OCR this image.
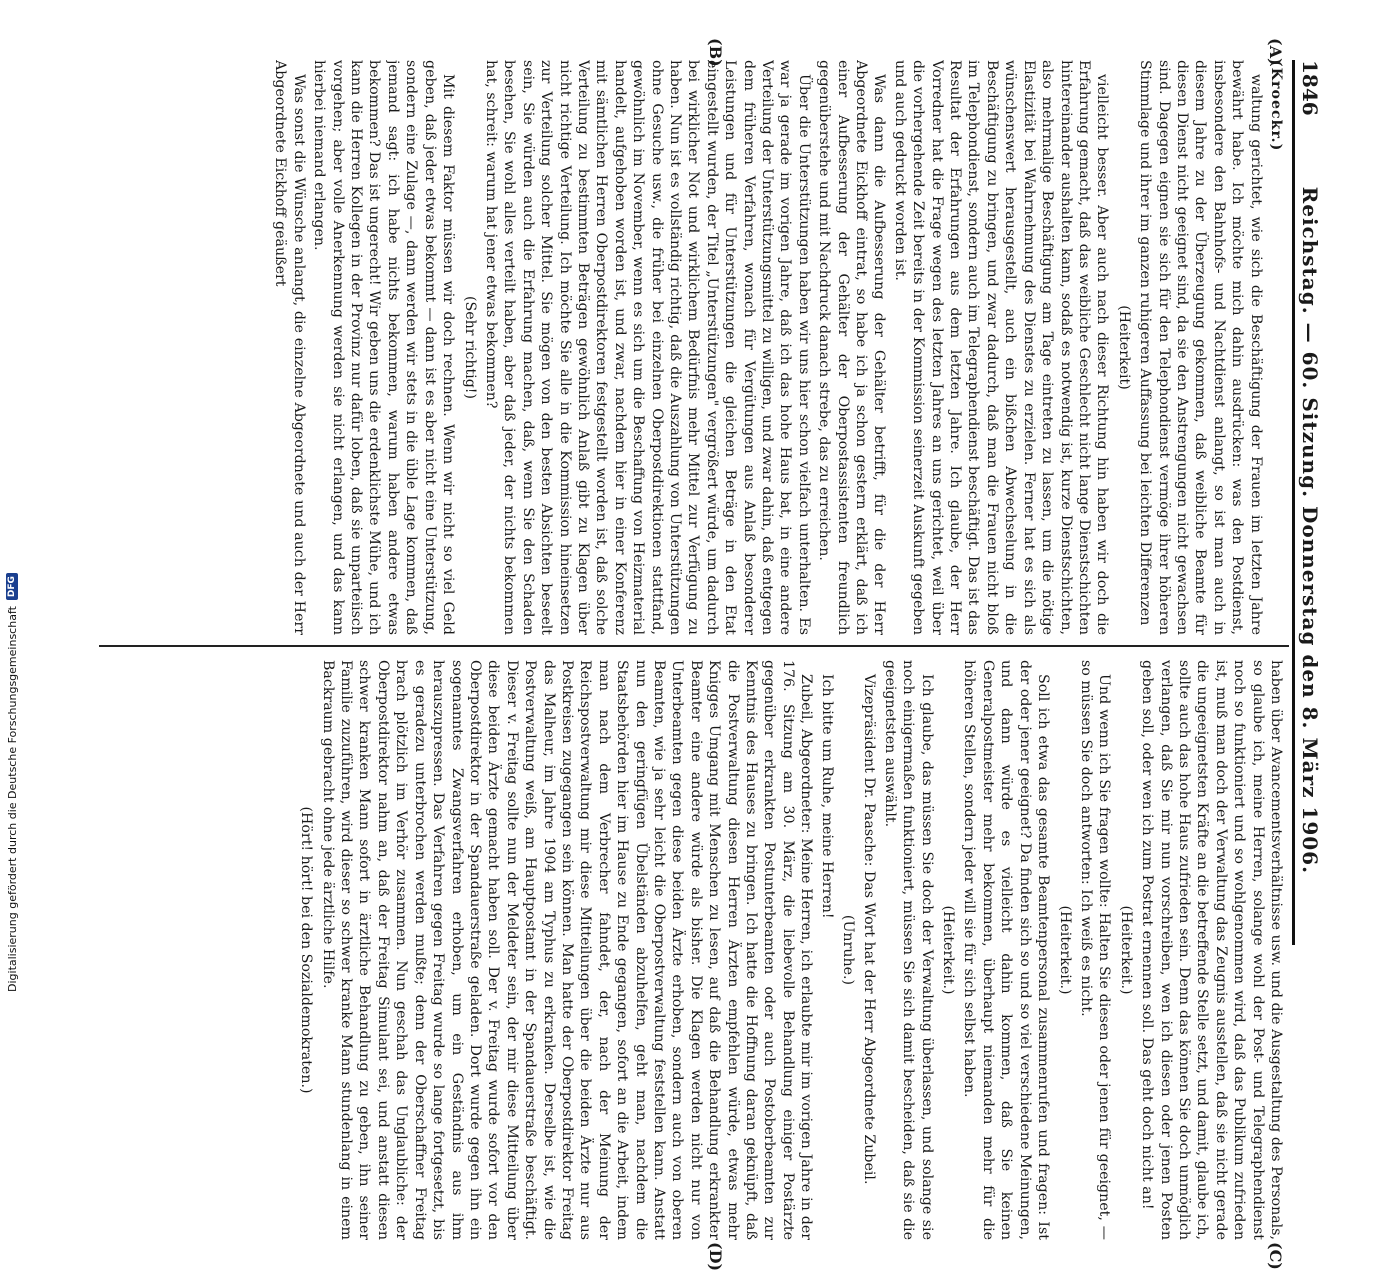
1846
Reichstag. — 60. Sitzung. Donnerstag den 8. März 1906.
(A)
(B)
(C)
(D)

(Kroeckr.)

waltung gerichtet, wie sich die Beschäftigung der Frauen im letzten Jahre bewährt habe. Ich möchte mich dahin ausdrücken: was den Postdienst, insbesondere den Bahnhofs- und Nachtdienst anlangt, so ist man auch in diesem Jahre zu der Überzeugung gekommen, daß weibliche Beamte für diesen Dienst nicht geeignet sind, da sie den Anstrengungen nicht gewachsen sind. Dagegen eignen sie sich für den Telephondienst vermöge ihrer höheren Stimmlage und ihrer im ganzen ruhigeren Auffassung bei leichten Differenzen

(Heiterkeit)

vielleicht besser. Aber auch nach dieser Richtung hin haben wir doch die Erfahrung gemacht, daß das weibliche Geschlecht nicht lange Dienstschichten hintereinander aushalten kann, sodaß es notwendig ist, kurze Dienstschichten, also mehrmalige Beschäftigung am Tage eintreten zu lassen, um die nötige Elastizität bei Wahrnehmung des Dienstes zu erzielen. Ferner hat es sich als wünschenswert herausgestellt, auch ein bißchen Abwechselung in die Beschäftigung zu bringen, und zwar dadurch, daß man die Frauen nicht bloß im Telephondienst, sondern auch im Telegraphendienst beschäftigt. Das ist das Resultat der Erfahrungen aus dem letzten Jahre. Ich glaube, der Herr Vorredner hat die Frage wegen des letzten Jahres an uns gerichtet, weil über die vorhergehende Zeit bereits in der Kommission seinerzeit Auskunft gegeben und auch gedruckt worden ist.

Was dann die Aufbesserung der Gehälter betrifft, für die der Herr Abgeordnete Eickhoff eintrat, so habe ich ja schon gestern erklärt, daß ich einer Aufbesserung der Gehälter der Oberpostassistenten freundlich gegenüberstehe und mit Nachdruck danach strebe, das zu erreichen.

Über die Unterstützungen haben wir uns hier schon vielfach unterhalten. Es war ja gerade im vorigen Jahre, daß ich das hohe Haus bat, in eine andere Verteilung der Unterstützungsmittel zu willigen, und zwar dahin, daß entgegen dem früheren Verfahren, wonach für Vergütungen aus Anlaß besonderer Leistungen und für Unterstützungen die gleichen Beträge in den Etat eingestellt wurden, der Titel „Unterstützungen" vergrößert würde, um dadurch bei wirklicher Not und wirklichem Bedürfnis mehr Mittel zur Verfügung zu haben. Nun ist es vollständig richtig, daß die Auszahlung von Unterstützungen ohne Gesuche usw., die früher bei einzelnen Oberpostdirektionen stattfand, gewöhnlich im November, wenn es sich um die Beschaffung von Heizmaterial handelt, aufgehoben worden ist, und zwar, nachdem hier in einer Konferenz mit sämtlichen Herren Oberpostdirektoren festgestellt worden ist, daß solche Verteilung zu bestimmten Beträgen gewöhnlich Anlaß gibt zu Klagen über nicht richtige Verteilung. Ich möchte Sie alle in die Kommission hineinsetzen zur Verteilung solcher Mittel. Sie mögen von den besten Absichten beseelt sein, Sie würden auch die Erfahrung machen, daß, wenn Sie den Schaden besehen, Sie wohl alles verteilt haben, aber daß jeder, der nichts bekommen hat, schreit: warum hat jener etwas bekommen?

(Sehr richtig!)

Mit diesem Faktor müssen wir doch rechnen. Wenn wir nicht so viel Geld geben, daß jeder etwas bekommt — dann ist es aber nicht eine Unterstützung, sondern eine Zulage —, dann werden wir stets in die üble Lage kommen, daß jemand sagt: ich habe nichts bekommen, warum haben andere etwas bekommen? Das ist ungerecht! Wir geben uns die erdenklichste Mühe, und ich kann die Herren Kollegen in der Provinz nur dafür loben, daß sie unparteiisch vorgehen; aber volle Anerkennung werden sie nicht erlangen, und das kann hierbei niemand erlangen.

Was sonst die Wünsche anlangt, die einzelne Abgeordnete und auch der Herr Abgeordnete Eickhoff geäußert

haben über Avancementsverhältnisse usw. und die Ausgestaltung des Personals, so glaube ich, meine Herren, solange wohl der Post- und Telegraphendienst noch so funktioniert und so wohlgenommen wird, daß das Publikum zufrieden ist, muß man doch der Verwaltung das Zeugnis ausstellen, daß sie nicht gerade die ungeeignetsten Kräfte an die betreffende Stelle setzt, und damit, glaube ich, sollte auch das hohe Haus zufrieden sein. Denn das können Sie doch unmöglich verlangen, daß Sie mir nun vorschreiben, wen ich diesen oder jenen Posten geben soll, oder wen ich zum Postrat ernennen soll. Das geht doch nicht an!

(Heiterkeit.)

Und wenn ich Sie fragen wollte: Halten Sie diesen oder jenen für geeignet, — so müssen Sie doch antworten: Ich weiß es nicht.

(Heiterkeit.)

Soll ich etwa das gesamte Beamtenpersonal zusammenrufen und fragen: Ist der oder jener geeignet? Da finden sich so und so viel verschiedene Meinungen, und dann würde es vielleicht dahin kommen, daß Sie keinen Generalpostmeister mehr bekommen, überhaupt niemanden mehr für die höheren Stellen, sondern jeder will sie für sich selbst haben.

(Heiterkeit.)

Ich glaube, das müssen Sie doch der Verwaltung überlassen, und solange sie noch einigermaßen funktioniert, müssen Sie sich damit bescheiden, daß sie die geeignetsten auswählt.

Vizepräsident Dr. Paasche: Das Wort hat der Herr Abgeordnete Zubeil.

(Unruhe.)

Ich bitte um Ruhe, meine Herren!

Zubeil, Abgeordneter: Meine Herren, ich erlaubte mir im vorigen Jahre in der 176. Sitzung am 30. März, die liebevolle Behandlung einiger Postärzte gegenüber erkrankten Postunterbeamten oder auch Postoberbeamten zur Kenntnis des Hauses zu bringen. Ich hatte die Hoffnung daran geknüpft, daß die Postverwaltung diesen Herren Ärzten empfehlen würde, etwas mehr Knigges Umgang mit Menschen zu lesen, auf daß die Behandlung erkrankter Beamter eine andere würde als bisher. Die Klagen werden nicht nur von Unterbeamten gegen diese beiden Ärzte erhoben, sondern auch von oberen Beamten, wie ja sehr leicht die Oberpostverwaltung feststellen kann. Anstatt nun den geringfügen Übelständen abzuhelfen, geht man, nachdem die Staatsbehörden hier im Hause zu Ende gegangen, sofort an die Arbeit, indem man nach dem Verbrecher fahndet, der, nach der Meinung der Reichspostverwaltung mir diese Mitteilungen über die beiden Ärzte nur aus Postkreisen zugegangen sein können. Man hatte der Oberpostdirektor Freitag das Malheur, im Jahre 1904 am Typhus zu erkranken. Derselbe ist, wie die Postverwaltung weiß, am Hauptpostamt in der Spandauerstraße beschäftigt. Dieser v. Freitag sollte nun der Meldeter sein, der mir diese Mitteilung über diese beiden Ärzte gemacht haben soll. Der v. Freitag wurde sofort vor den Oberpostdirektor in der Spandauerstraße geladen. Dort wurde gegen ihn ein sogenanntes Zwangsverfahren erhoben, um ein Geständnis aus ihm herauszupressen. Das Verfahren gegen Freitag wurde so lange fortgesetzt, bis es geradezu unterbrochen werden mußte; denn der Oberschaffner Freitag brach plötzlich im Verhör zusammen. Nun geschah das Unglaubliche: der Oberpostdirektor nahm an, daß der Freitag Simulant sei, und anstatt diesen schwer kranken Mann sofort in ärztliche Behandlung zu geben, ihn seiner Familie zuzuführen, wird dieser so schwer kranke Mann stundenlang in einem Backraum gebracht ohne jede ärztliche Hilfe.

(Hört! hört! bei den Sozialdemokraten.)

Digitalisierung gefördert durch die Deutsche Forschungsgemeinschaft
DFG
